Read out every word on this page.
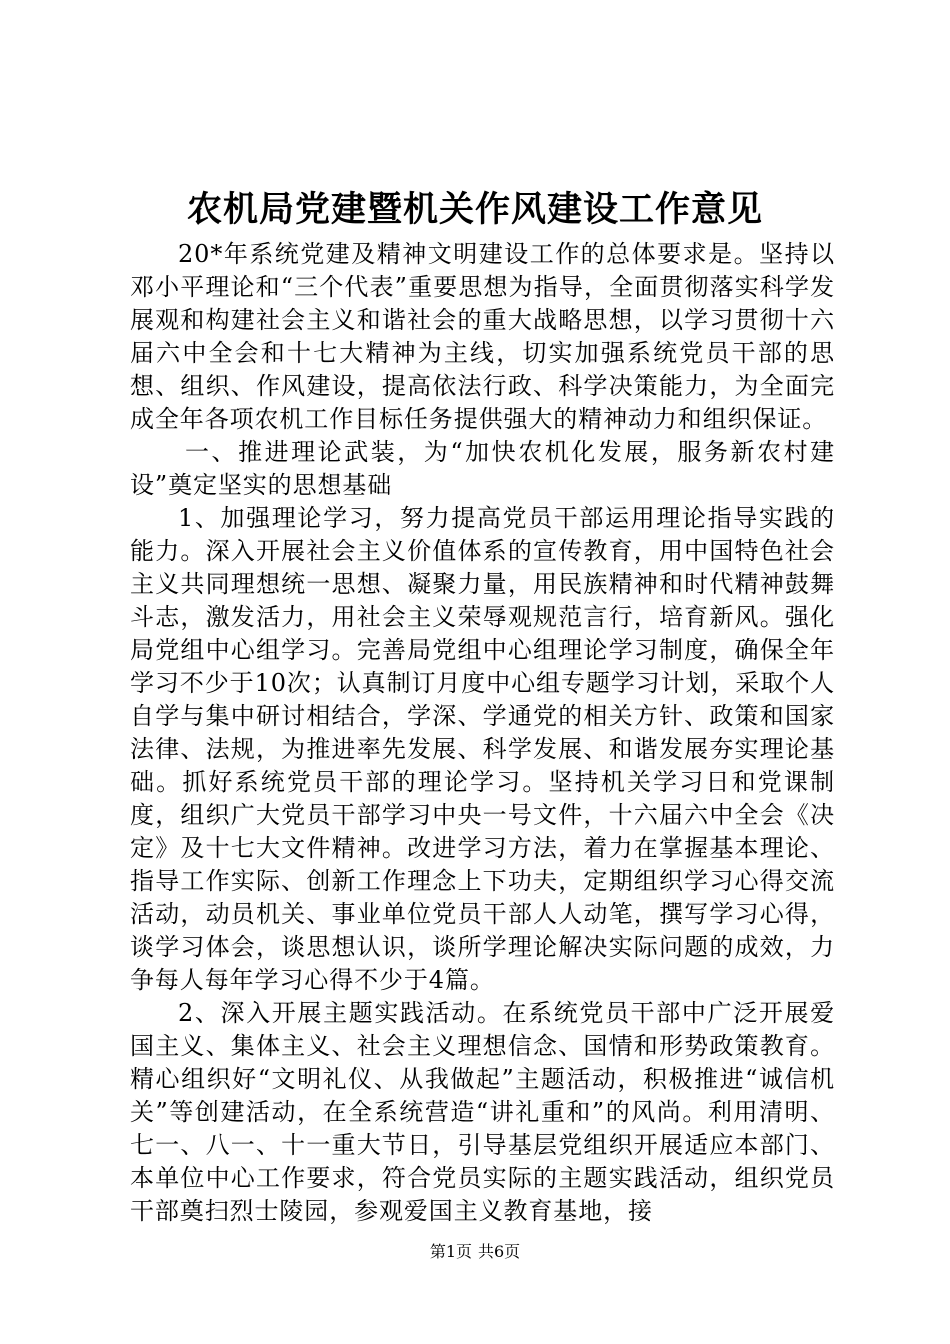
农机局党建暨机关作风建设工作意见

20*年系统党建及精神文明建设工作的总体要求是。坚持以邓小平理论和“三个代表”重要思想为指导，全面贯彻落实科学发展观和构建社会主义和谐社会的重大战略思想，以学习贯彻十六届六中全会和十七大精神为主线，切实加强系统党员干部的思想、组织、作风建设，提高依法行政、科学决策能力，为全面完成全年各项农机工作目标任务提供强大的精神动力和组织保证。

一、推进理论武装，为“加快农机化发展，服务新农村建设”奠定坚实的思想基础

1、加强理论学习，努力提高党员干部运用理论指导实践的能力。深入开展社会主义价值体系的宣传教育，用中国特色社会主义共同理想统一思想、凝聚力量，用民族精神和时代精神鼓舞斗志，激发活力，用社会主义荣辱观规范言行，培育新风。强化局党组中心组学习。完善局党组中心组理论学习制度，确保全年学习不少于10次；认真制订月度中心组专题学习计划，采取个人自学与集中研讨相结合，学深、学通党的相关方针、政策和国家法律、法规，为推进率先发展、科学发展、和谐发展夯实理论基础。抓好系统党员干部的理论学习。坚持机关学习日和党课制度，组织广大党员干部学习中央一号文件，十六届六中全会《决定》及十七大文件精神。改进学习方法，着力在掌握基本理论、指导工作实际、创新工作理念上下功夫，定期组织学习心得交流活动，动员机关、事业单位党员干部人人动笔，撰写学习心得，谈学习体会，谈思想认识，谈所学理论解决实际问题的成效，力争每人每年学习心得不少于4篇。

2、深入开展主题实践活动。在系统党员干部中广泛开展爱国主义、集体主义、社会主义理想信念、国情和形势政策教育。精心组织好“文明礼仪、从我做起”主题活动，积极推进“诚信机关”等创建活动，在全系统营造“讲礼重和”的风尚。利用清明、七一、八一、十一重大节日，引导基层党组织开展适应本部门、本单位中心工作要求，符合党员实际的主题实践活动，组织党员干部奠扫烈士陵园，参观爱国主义教育基地，接

第1页 共6页
